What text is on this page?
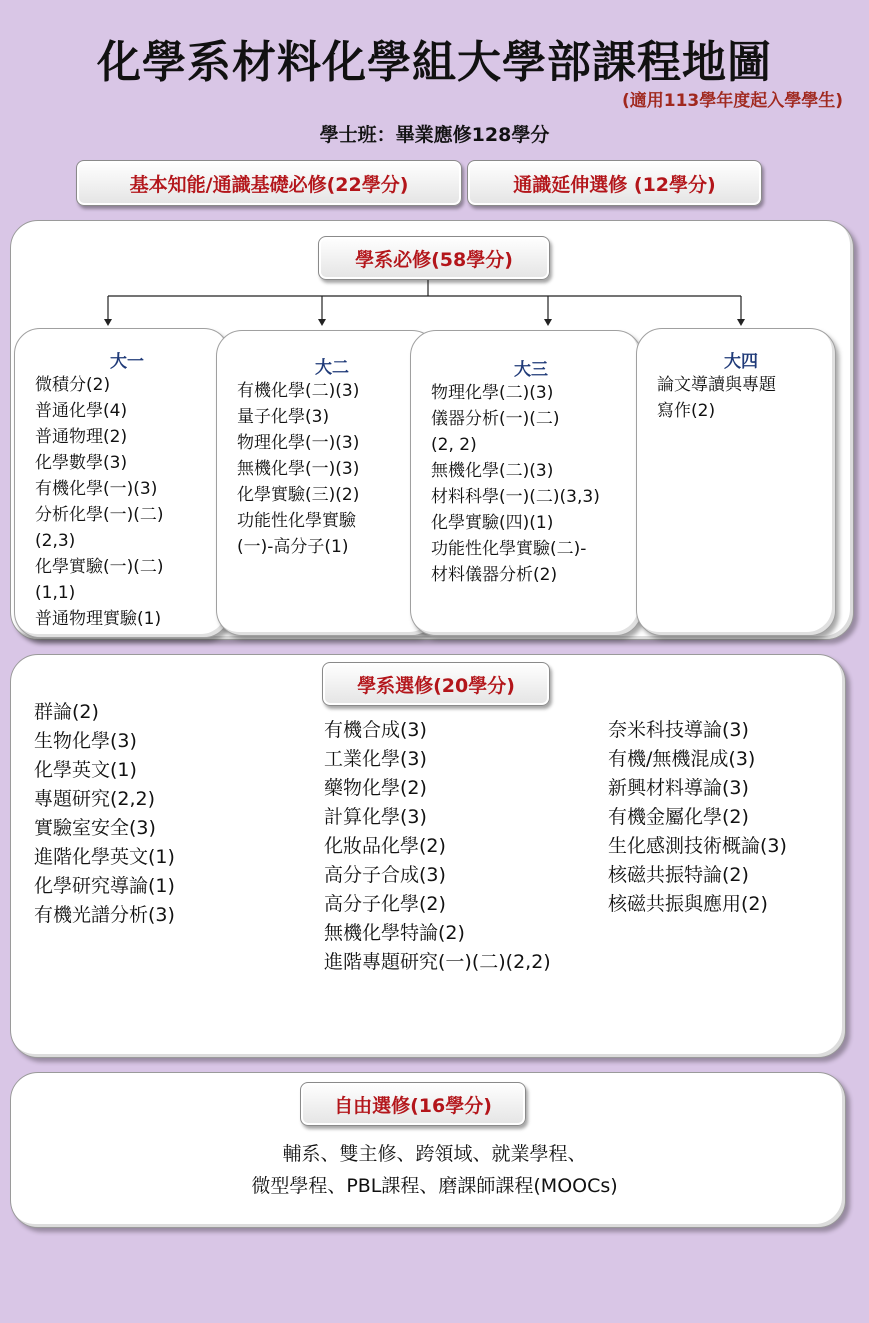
化學系材料化學組大學部課程地圖
(適用113學年度起入學學生)
學士班：畢業應修128學分
基本知能/通識基礎必修(22學分)	通識延伸選修 (12學分)
學系必修(58學分)
大一
微積分(2)
普通化學(4)
普通物理(2)
化學數學(3)
有機化學(一)(3)
分析化學(一)(二)
(2,3)
化學實驗(一)(二)
(1,1)
普通物理實驗(1)
大二
有機化學(二)(3)
量子化學(3)
物理化學(一)(3)
無機化學(一)(3)
化學實驗(三)(2)
功能性化學實驗
(一)-高分子(1)
大三
物理化學(二)(3)
儀器分析(一)(二)
(2, 2)
無機化學(二)(3)
材料科學(一)(二)(3,3)
化學實驗(四)(1)
功能性化學實驗(二)-
材料儀器分析(2)
大四
論文導讀與專題
寫作(2)
學系選修(20學分)
群論(2)
生物化學(3)
化學英文(1)
專題研究(2,2)
實驗室安全(3)
進階化學英文(1)
化學研究導論(1)
有機光譜分析(3)
有機合成(3)
工業化學(3)
藥物化學(2)
計算化學(3)
化妝品化學(2)
高分子合成(3)
高分子化學(2)
無機化學特論(2)
進階專題研究(一)(二)(2,2)
奈米科技導論(3)
有機/無機混成(3)
新興材料導論(3)
有機金屬化學(2)
生化感測技術概論(3)
核磁共振特論(2)
核磁共振與應用(2)
自由選修(16學分)
輔系、雙主修、跨領域、就業學程、
微型學程、PBL課程、磨課師課程(MOOCs)
